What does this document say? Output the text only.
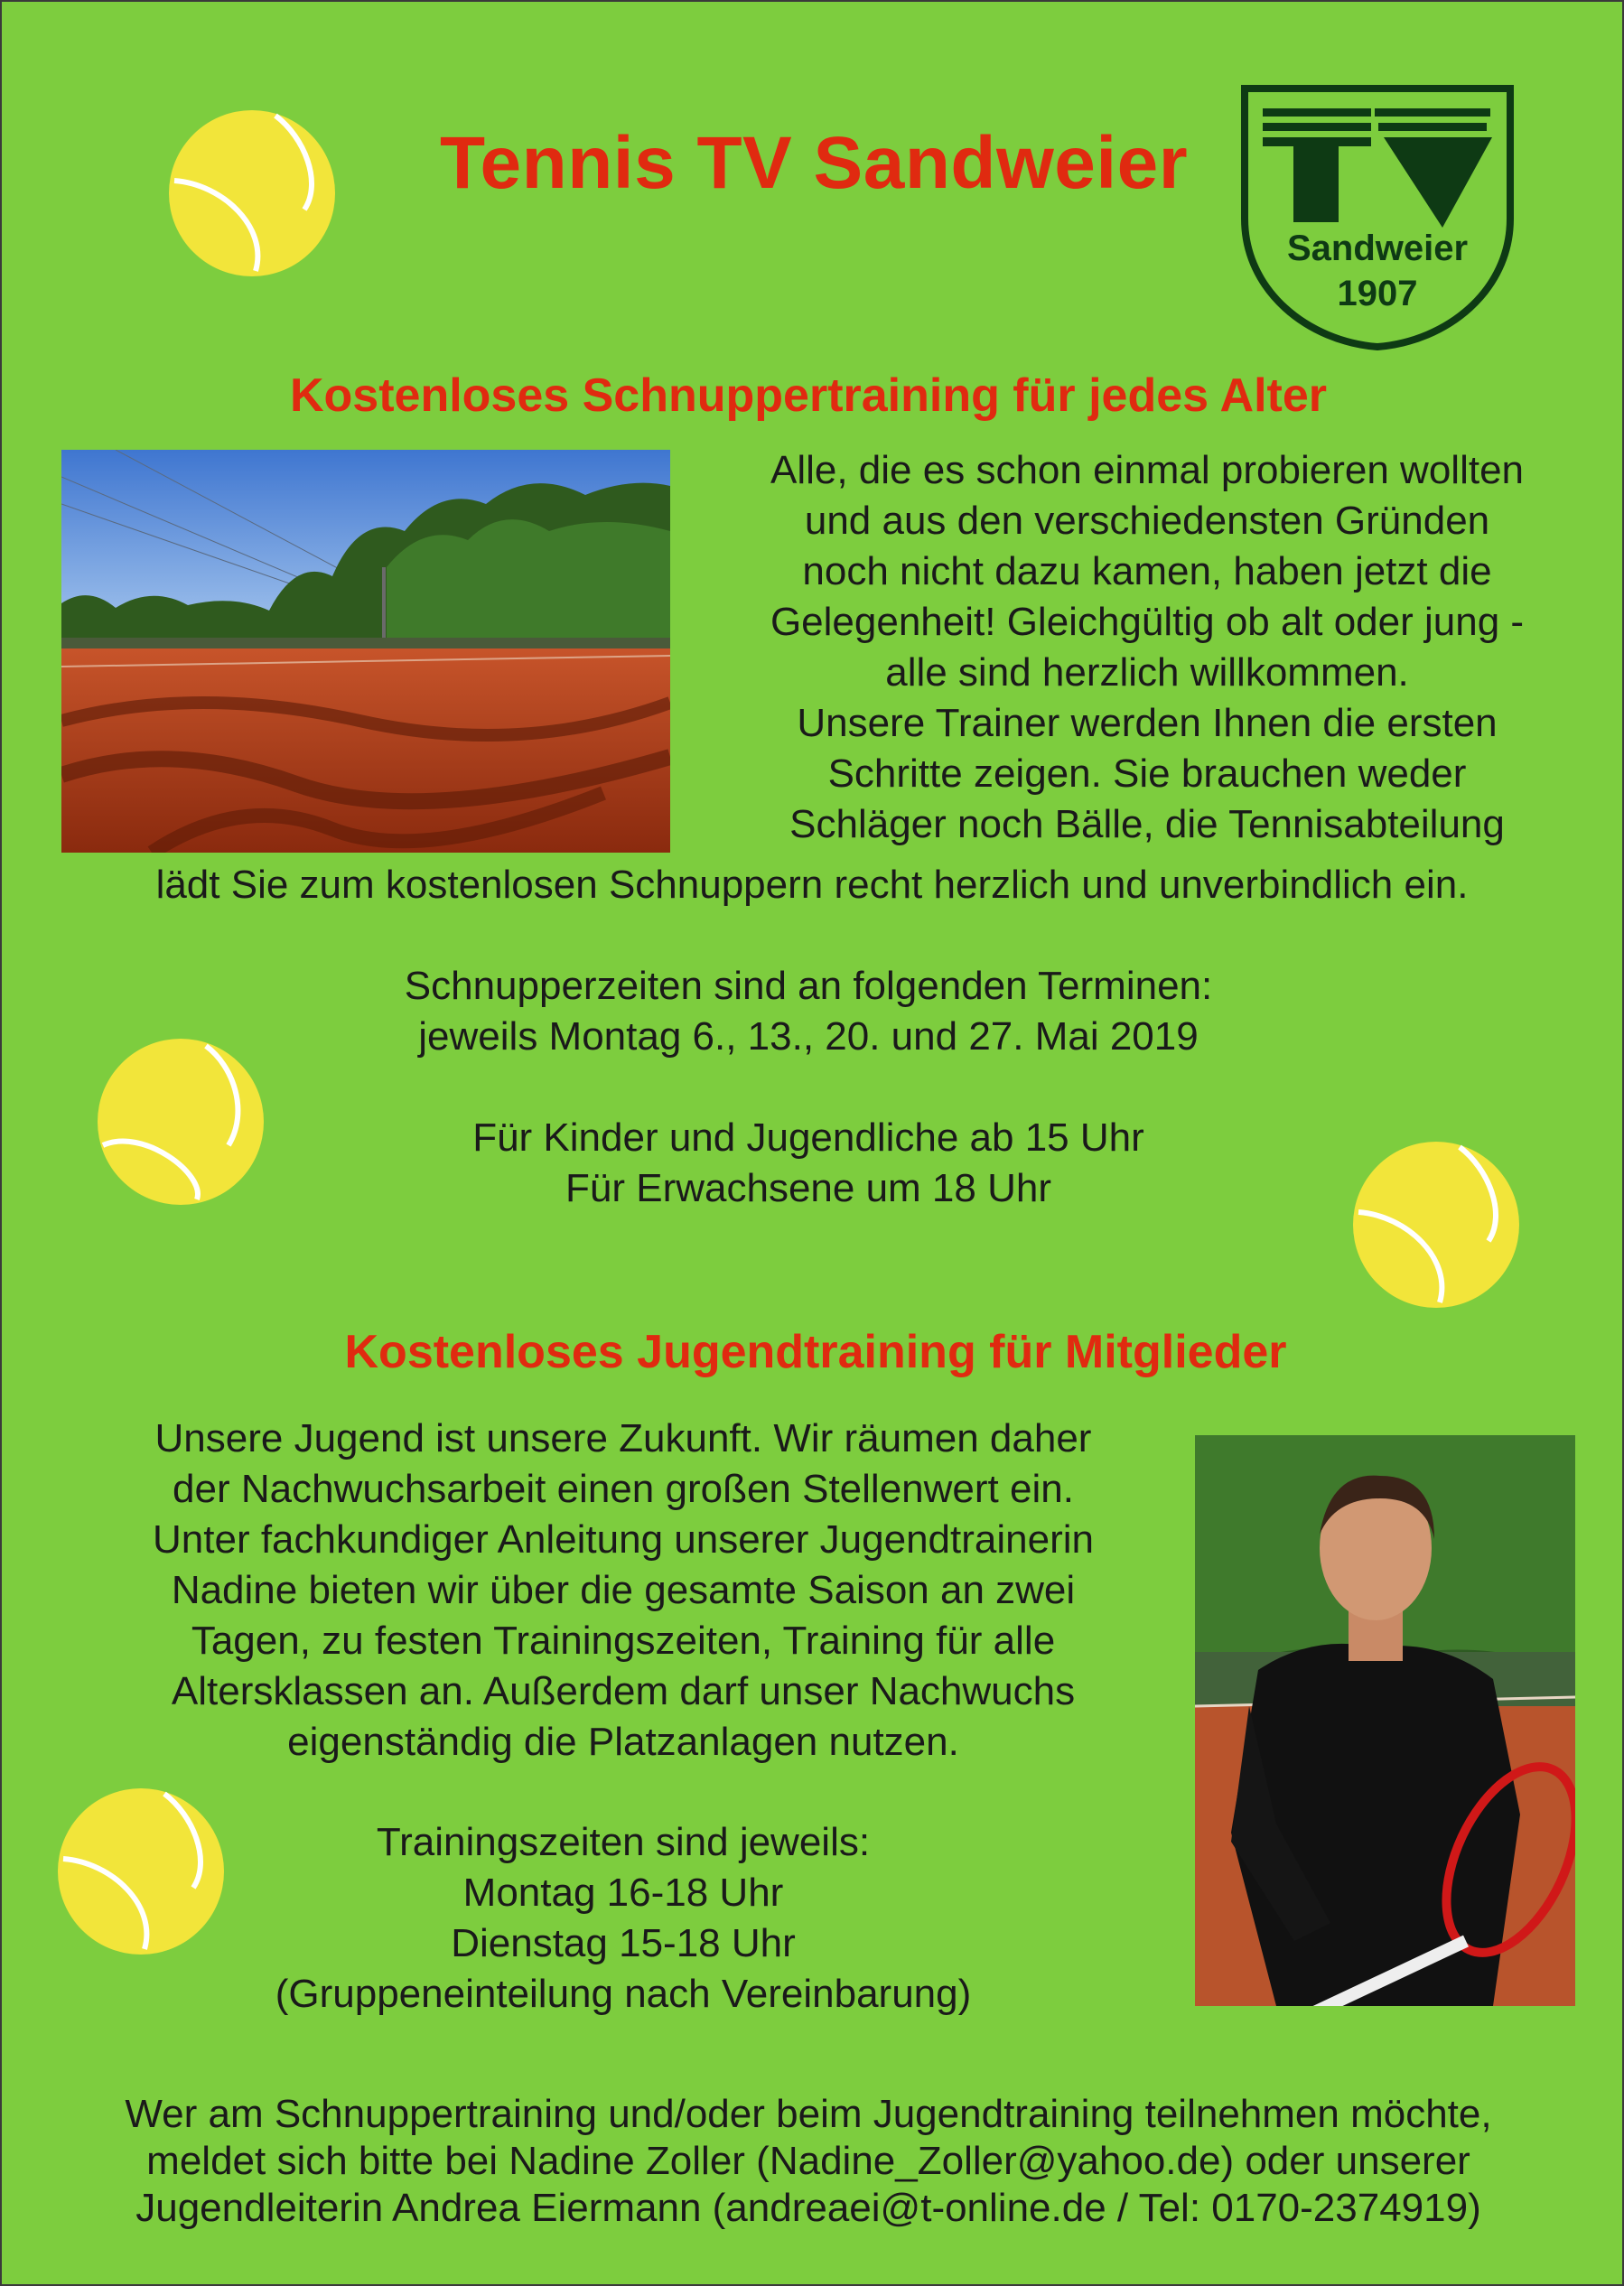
Tennis TV Sandweier
Sandweier
1907
Kostenloses Schnuppertraining für jedes Alter
Alle, die es schon einmal probieren wollten
und aus den verschiedensten Gründen
noch nicht dazu kamen, haben jetzt die
Gelegenheit! Gleichgültig ob alt oder jung -
alle sind herzlich willkommen.
Unsere Trainer werden Ihnen die ersten
Schritte zeigen. Sie brauchen weder
Schläger noch Bälle, die Tennisabteilung
lädt Sie zum kostenlosen Schnuppern recht herzlich und unverbindlich ein.
Schnupperzeiten sind an folgenden Terminen:
jeweils Montag 6., 13., 20. und 27. Mai 2019
Für Kinder und Jugendliche ab 15 Uhr
Für Erwachsene um 18 Uhr
Kostenloses Jugendtraining für Mitglieder
Unsere Jugend ist unsere Zukunft. Wir räumen daher
der Nachwuchsarbeit einen großen Stellenwert ein.
Unter fachkundiger Anleitung unserer Jugendtrainerin
Nadine bieten wir über die gesamte Saison an zwei
Tagen, zu festen Trainingszeiten, Training für alle
Altersklassen an. Außerdem darf unser Nachwuchs
eigenständig die Platzanlagen nutzen.
Trainingszeiten sind jeweils:
Montag 16-18 Uhr
Dienstag 15-18 Uhr
(Gruppeneinteilung nach Vereinbarung)
Wer am Schnuppertraining und/oder beim Jugendtraining teilnehmen möchte,
meldet sich bitte bei Nadine Zoller (Nadine_Zoller@yahoo.de) oder unserer
Jugendleiterin Andrea Eiermann (andreaei@t-online.de / Tel: 0170-2374919)
